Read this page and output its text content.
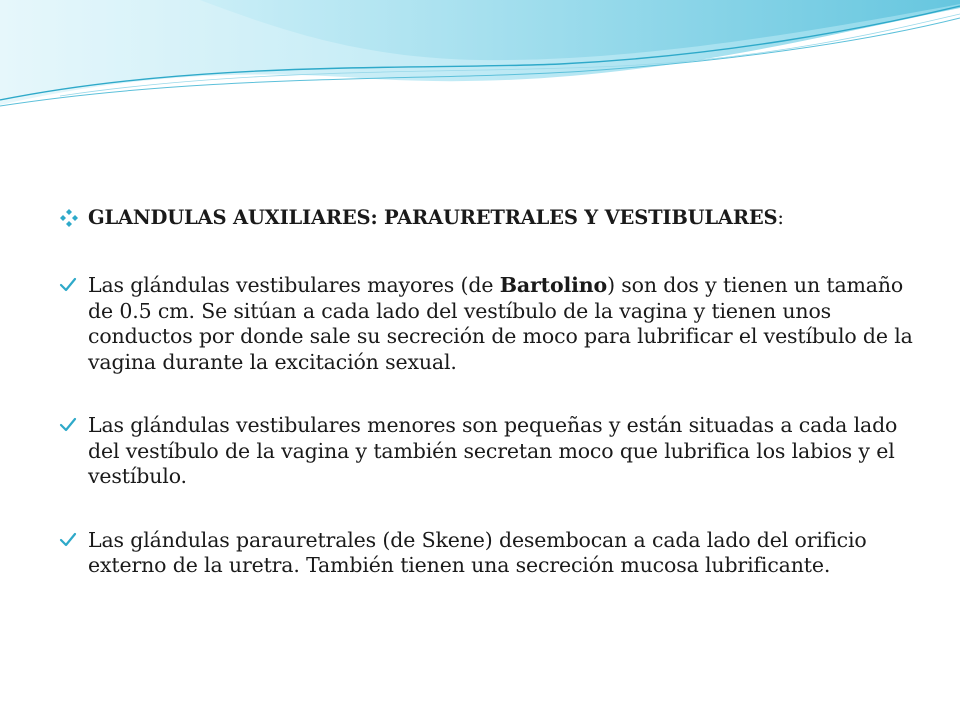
GLANDULAS AUXILIARES: PARAURETRALES Y VESTIBULARES:
Las glándulas vestibulares mayores (de Bartolino) son dos y tienen un tamaño de 0.5 cm. Se sitúan a cada lado del vestíbulo de la vagina y tienen unos conductos por donde sale su secreción de moco para lubrificar el vestíbulo de la vagina durante la excitación sexual.
Las glándulas vestibulares menores son pequeñas y están situadas a cada lado del vestíbulo de la vagina y también secretan moco que lubrifica los labios y el vestíbulo.
Las glándulas parauretrales (de Skene) desembocan a cada lado del orificio externo de la uretra. También tienen una secreción mucosa lubrificante.
